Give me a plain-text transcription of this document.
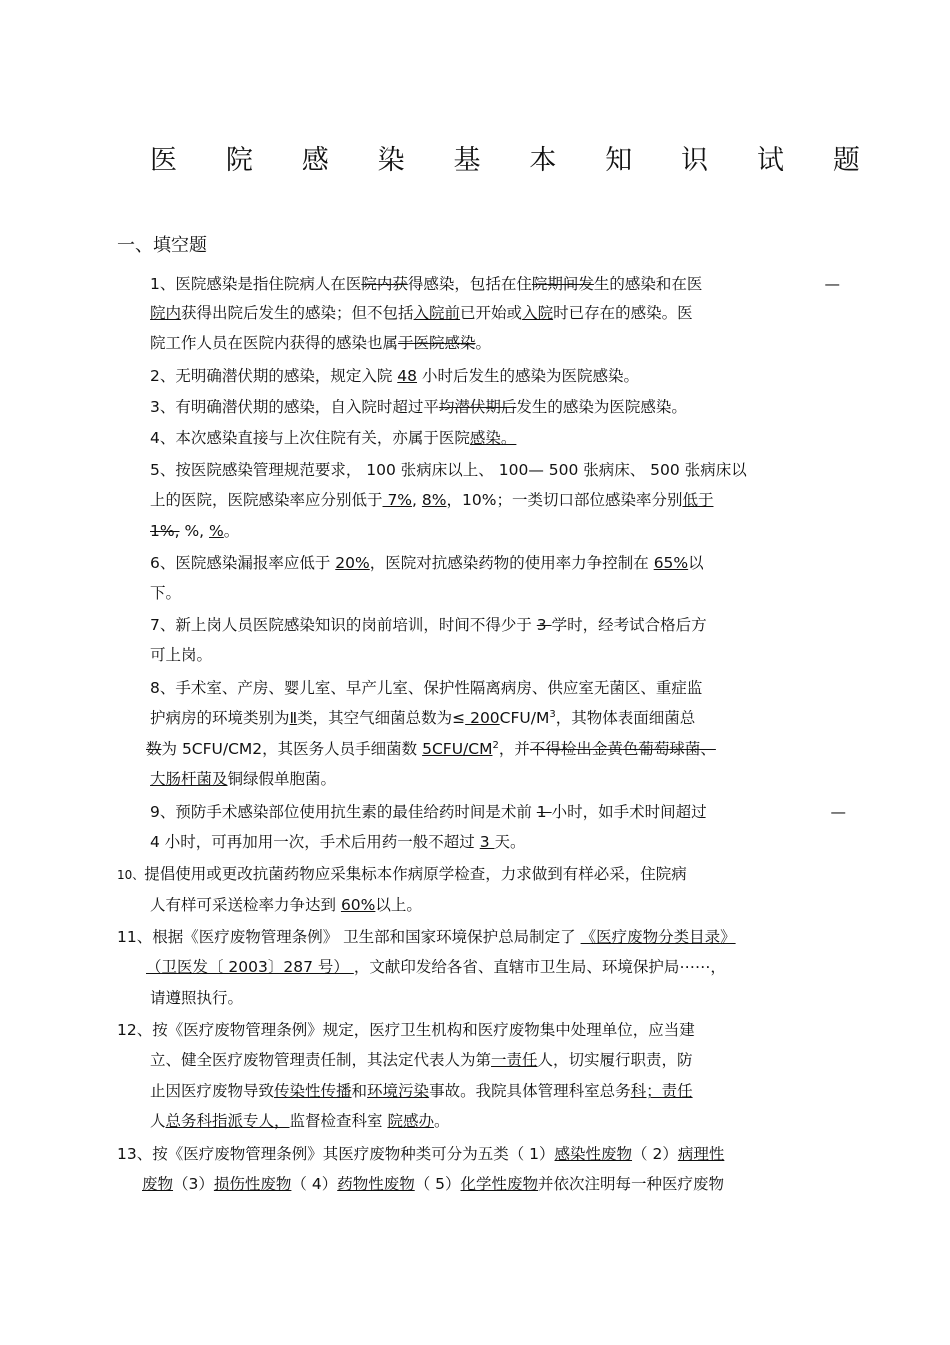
医 院 感 染 基 本 知 识 试 题
一、填空题
1、医院感染是指住院病人在医院内获得感染，包括在住院期间发生的感染和在医	—
院内获得出院后发生的感染；但不包括入院前已开始或入院时已存在的感染。医
院工作人员在医院内获得的感染也属于医院感染。
2、无明确潜伏期的感染，规定入院 48 小时后发生的感染为医院感染。
3、有明确潜伏期的感染，自入院时超过平均潜伏期后发生的感染为医院感染。
4、本次感染直接与上次住院有关，亦属于医院感染。
5、按医院感染管理规范要求， 100 张病床以上、 100— 500 张病床、 500 张病床以
上的医院，医院感染率应分别低于 7%, 8%，10%；一类切口部位感染率分别低于
1%, %, %。
6、医院感染漏报率应低于 20%，医院对抗感染药物的使用率力争控制在 65%以
下。
7、新上岗人员医院感染知识的岗前培训，时间不得少于 3 学时，经考试合格后方
可上岗。
8、手术室、产房、婴儿室、早产儿室、保护性隔离病房、供应室无菌区、重症监
护病房的环境类别为Ⅱ类，其空气细菌总数为≤ $200CFU/M^3$，其物体表面细菌总
数为 5CFU/CM2，其医务人员手细菌数 $5CFU/CM^2$，并不得检出金黄色葡萄球菌、
大肠杆菌及铜绿假单胞菌。
9、预防手术感染部位使用抗生素的最佳给药时间是术前 1 小时，如手术时间超过	—
4 小时，可再加用一次，手术后用药一般不超过 3 天。
10、提倡使用或更改抗菌药物应采集标本作病原学检查，力求做到有样必采，住院病
人有样可采送检率力争达到 60%以上。
11、根据《医疗废物管理条例》 卫生部和国家环境保护总局制定了 《医疗废物分类目录》
（卫医发〔 2003〕287 号） ，文献印发给各省、直辖市卫生局、环境保护局⋯⋯，
请遵照执行。
12、按《医疗废物管理条例》规定，医疗卫生机构和医疗废物集中处理单位，应当建
立、健全医疗废物管理责任制，其法定代表人为第一责任人，切实履行职责，防
止因医疗废物导致传染性传播和环境污染事故。我院具体管理科室总务科；责任
人总务科指派专人，监督检查科室 院感办。
13、按《医疗废物管理条例》其医疗废物种类可分为五类（ 1）感染性废物（ 2）病理性
废物（3）损伤性废物（ 4）药物性废物（ 5）化学性废物并依次注明每一种医疗废物
